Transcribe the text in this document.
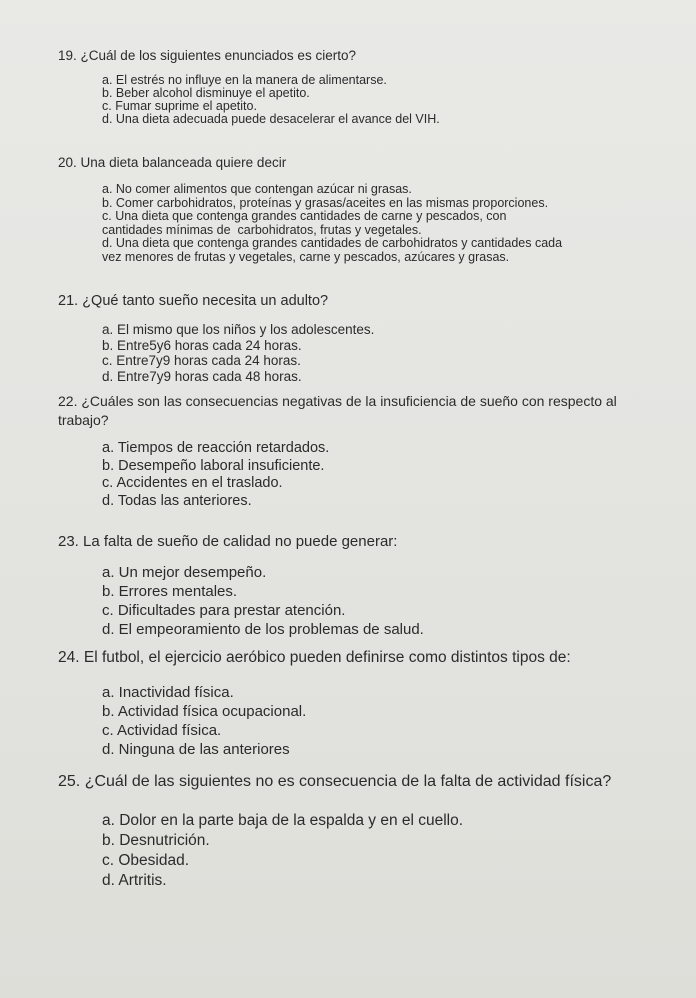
19. ¿Cuál de los siguientes enunciados es cierto?

a. El estrés no influye en la manera de alimentarse.
b. Beber alcohol disminuye el apetito.
c. Fumar suprime el apetito.
d. Una dieta adecuada puede desacelerar el avance del VIH.

20. Una dieta balanceada quiere decir

a. No comer alimentos que contengan azúcar ni grasas.
b. Comer carbohidratos, proteínas y grasas/aceites en las mismas proporciones.
c. Una dieta que contenga grandes cantidades de carne y pescados, con
cantidades mínimas de  carbohidratos, frutas y vegetales.
d. Una dieta que contenga grandes cantidades de carbohidratos y cantidades cada
vez menores de frutas y vegetales, carne y pescados, azúcares y grasas.

21. ¿Qué tanto sueño necesita un adulto?

a. El mismo que los niños y los adolescentes.
b. Entre5y6 horas cada 24 horas.
c. Entre7y9 horas cada 24 horas.
d. Entre7y9 horas cada 48 horas.

22. ¿Cuáles son las consecuencias negativas de la insuficiencia de sueño con respecto al trabajo?

a. Tiempos de reacción retardados.
b. Desempeño laboral insuficiente.
c. Accidentes en el traslado.
d. Todas las anteriores.

23. La falta de sueño de calidad no puede generar:

a. Un mejor desempeño.
b. Errores mentales.
c. Dificultades para prestar atención.
d. El empeoramiento de los problemas de salud.

24. El futbol, el ejercicio aeróbico pueden definirse como distintos tipos de:

a. Inactividad física.
b. Actividad física ocupacional.
c. Actividad física.
d. Ninguna de las anteriores

25. ¿Cuál de las siguientes no es consecuencia de la falta de actividad física?

a. Dolor en la parte baja de la espalda y en el cuello.
b. Desnutrición.
c. Obesidad.
d. Artritis.
